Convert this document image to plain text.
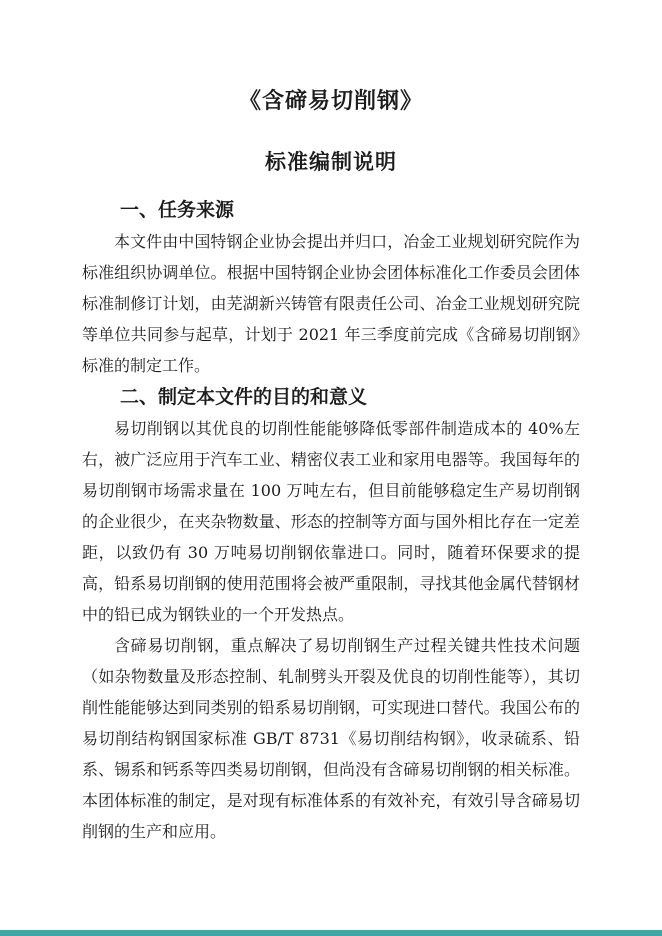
《含碲易切削钢》
标准编制说明
一、任务来源

本文件由中国特钢企业协会提出并归口，冶金工业规划研究院作为标准组织协调单位。根据中国特钢企业协会团体标准化工作委员会团体标准制修订计划，由芜湖新兴铸管有限责任公司、冶金工业规划研究院等单位共同参与起草，计划于 2021 年三季度前完成《含碲易切削钢》标准的制定工作。

二、制定本文件的目的和意义

易切削钢以其优良的切削性能能够降低零部件制造成本的 40%左右，被广泛应用于汽车工业、精密仪表工业和家用电器等。我国每年的易切削钢市场需求量在 100 万吨左右，但目前能够稳定生产易切削钢的企业很少，在夹杂物数量、形态的控制等方面与国外相比存在一定差距，以致仍有 30 万吨易切削钢依靠进口。同时，随着环保要求的提高，铅系易切削钢的使用范围将会被严重限制，寻找其他金属代替钢材中的铅已成为钢铁业的一个开发热点。

含碲易切削钢，重点解决了易切削钢生产过程关键共性技术问题（如杂物数量及形态控制、轧制劈头开裂及优良的切削性能等），其切削性能能够达到同类别的铅系易切削钢，可实现进口替代。我国公布的易切削结构钢国家标准 GB/T 8731《易切削结构钢》，收录硫系、铅系、锡系和钙系等四类易切削钢，但尚没有含碲易切削钢的相关标准。本团体标准的制定，是对现有标准体系的有效补充，有效引导含碲易切削钢的生产和应用。
